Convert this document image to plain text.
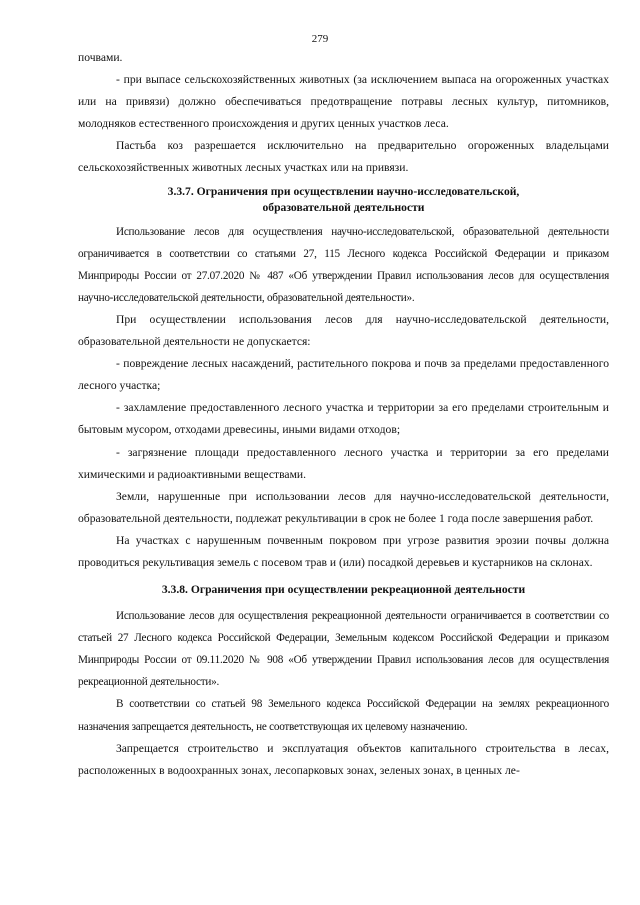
279

почвами.

- при выпасе сельскохозяйственных животных (за исключением выпаса на огороженных участках или на привязи) должно обеспечиваться предотвращение потравы лесных культур, питомников, молодняков естественного происхождения и других ценных участков леса.

Пастьба коз разрешается исключительно на предварительно огороженных владельцами сельскохозяйственных животных лесных участках или на привязи.

3.3.7. Ограничения при осуществлении научно-исследовательской,
образовательной деятельности

Использование лесов для осуществления научно-исследовательской, образовательной деятельности ограничивается в соответствии со статьями 27, 115 Лесного кодекса Российской Федерации и приказом Минприроды России от 27.07.2020 № 487 «Об утверждении Правил использования лесов для осуществления научно-исследовательской деятельности, образовательной деятельности».

При осуществлении использования лесов для научно-исследовательской деятельности, образовательной деятельности не допускается:

- повреждение лесных насаждений, растительного покрова и почв за пределами предоставленного лесного участка;

- захламление предоставленного лесного участка и территории за его пределами строительным и бытовым мусором, отходами древесины, иными видами отходов;

- загрязнение площади предоставленного лесного участка и территории за его пределами химическими и радиоактивными веществами.

Земли, нарушенные при использовании лесов для научно-исследовательской деятельности, образовательной деятельности, подлежат рекультивации в срок не более 1 года после завершения работ.

На участках с нарушенным почвенным покровом при угрозе развития эрозии почвы должна проводиться рекультивация земель с посевом трав и (или) посадкой деревьев и кустарников на склонах.

3.3.8. Ограничения при осуществлении рекреационной деятельности

Использование лесов для осуществления рекреационной деятельности ограничивается в соответствии со статьей 27 Лесного кодекса Российской Федерации, Земельным кодексом Российской Федерации и приказом Минприроды России от 09.11.2020 № 908 «Об утверждении Правил использования лесов для осуществления рекреационной деятельности».

В соответствии со статьей 98 Земельного кодекса Российской Федерации на землях рекреационного назначения запрещается деятельность, не соответствующая их целевому назначению.

Запрещается строительство и эксплуатация объектов капитального строительства в лесах, расположенных в водоохранных зонах, лесопарковых зонах, зеленых зонах, в ценных ле-
